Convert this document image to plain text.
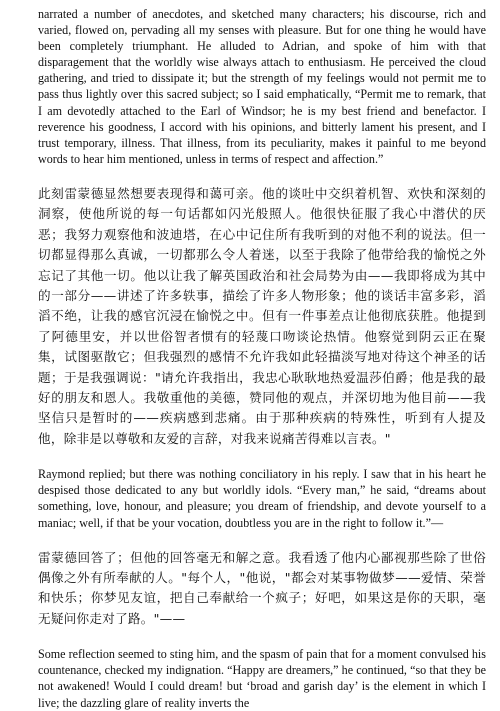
narrated a number of anecdotes, and sketched many characters; his discourse, rich and varied, flowed on, pervading all my senses with pleasure. But for one thing he would have been completely triumphant. He alluded to Adrian, and spoke of him with that disparagement that the worldly wise always attach to enthusiasm. He perceived the cloud gathering, and tried to dissipate it; but the strength of my feelings would not permit me to pass thus lightly over this sacred subject; so I said emphatically, “Permit me to remark, that I am devotedly attached to the Earl of Windsor; he is my best friend and benefactor. I reverence his goodness, I accord with his opinions, and bitterly lament his present, and I trust temporary, illness. That illness, from its peculiarity, makes it painful to me beyond words to hear him mentioned, unless in terms of respect and affection.”

此刻雷蒙德显然想要表现得和蔼可亲。他的谈吐中交织着机智、欢快和深刻的洞察，使他所说的每一句话都如闪光般照人。他很快征服了我心中潜伏的厌恶；我努力观察他和波迪塔，在心中记住所有我听到的对他不利的说法。但一切都显得那么真诚，一切都那么令人着迷，以至于我除了他带给我的愉悦之外忘记了其他一切。他以让我了解英国政治和社会局势为由——我即将成为其中的一部分——讲述了许多轶事，描绘了许多人物形象；他的谈话丰富多彩，滔滔不绝，让我的感官沉浸在愉悦之中。但有一件事差点让他彻底获胜。他提到了阿德里安，并以世俗智者惯有的轻蔑口吻谈论热情。他察觉到阴云正在聚集，试图驱散它；但我强烈的感情不允许我如此轻描淡写地对待这个神圣的话题；于是我强调说："请允许我指出，我忠心耿耿地热爱温莎伯爵；他是我的最好的朋友和恩人。我敬重他的美德，赞同他的观点，并深切地为他目前——我坚信只是暂时的——疾病感到悲痛。由于那种疾病的特殊性，听到有人提及他，除非是以尊敬和友爱的言辞，对我来说痛苦得难以言表。"

Raymond replied; but there was nothing conciliatory in his reply. I saw that in his heart he despised those dedicated to any but worldly idols. “Every man,” he said, “dreams about something, love, honour, and pleasure; you dream of friendship, and devote yourself to a maniac; well, if that be your vocation, doubtless you are in the right to follow it.”—

雷蒙德回答了；但他的回答毫无和解之意。我看透了他内心鄙视那些除了世俗偶像之外有所奉献的人。"每个人，"他说，"都会对某事物做梦——爱情、荣誉和快乐；你梦见友谊，把自己奉献给一个疯子；好吧，如果这是你的天职，毫无疑问你走对了路。"——

Some reflection seemed to sting him, and the spasm of pain that for a moment convulsed his countenance, checked my indignation. “Happy are dreamers,” he continued, “so that they be not awakened! Would I could dream! but ‘broad and garish day’ is the element in which I live; the dazzling glare of reality inverts the
